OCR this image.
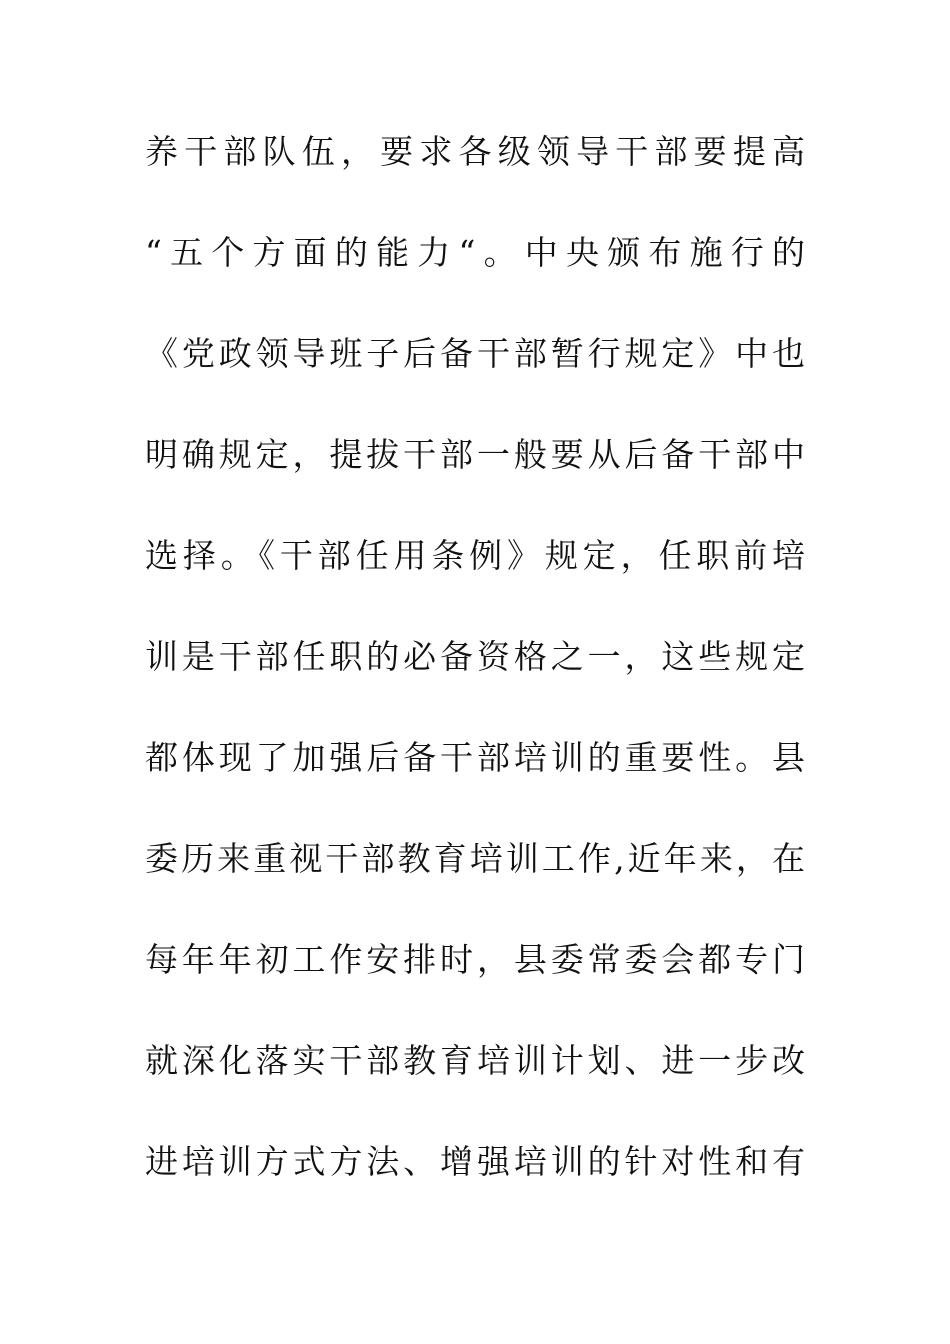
养干部队伍，要求各级领导干部要提高
“五个方面的能力“。中央颁布施行的
《党政领导班子后备干部暂行规定》中也
明确规定，提拔干部一般要从后备干部中
选择。《干部任用条例》规定，任职前培
训是干部任职的必备资格之一，这些规定
都体现了加强后备干部培训的重要性。县
委历来重视干部教育培训工作,近年来，在
每年年初工作安排时，县委常委会都专门
就深化落实干部教育培训计划、进一步改
进培训方式方法、增强培训的针对性和有
